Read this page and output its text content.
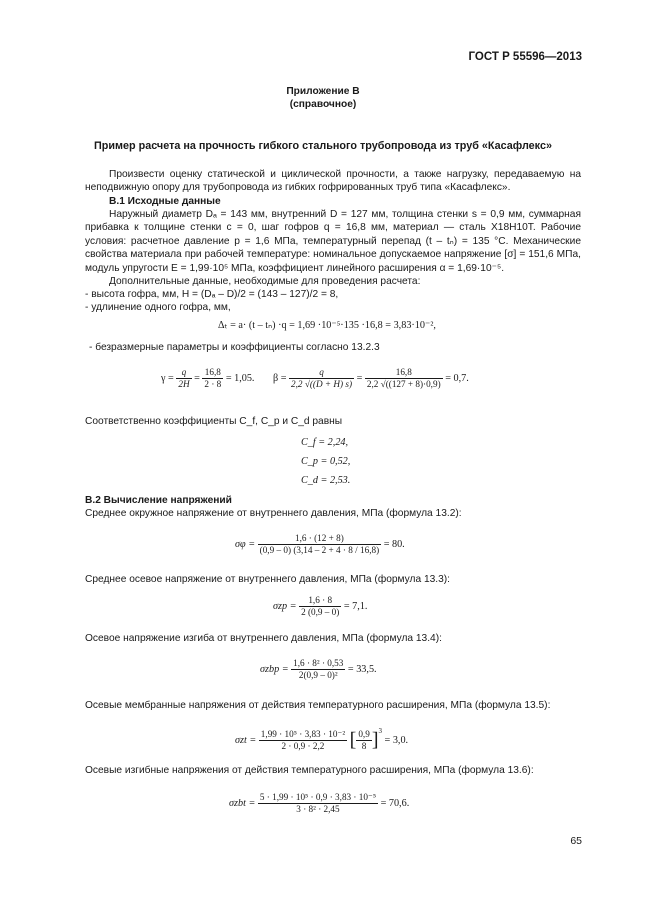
ГОСТ Р 55596—2013
Приложение В
(справочное)
Пример расчета на прочность гибкого стального трубопровода из труб «Касафлекс»
Произвести оценку статической и циклической прочности, а также нагрузку, передаваемую на неподвижную опору для трубопровода из гибких гофрированных труб типа «Касафлекс».
В.1 Исходные данные
Наружный диаметр Dₐ = 143 мм, внутренний D = 127 мм, толщина стенки s = 0,9 мм, суммарная прибавка к толщине стенки c = 0, шаг гофров q = 16,8 мм, материал — сталь Х18Н10Т. Рабочие условия: расчетное давление p = 1,6 МПа, температурный перепад (t – tₙ) = 135 °С. Механические свойства материала при рабочей температуре: номинальное допускаемое напряжение [σ] = 151,6 МПа, модуль упругости E = 1,99·10⁵ МПа, коэффициент линейного расширения α = 1,69·10⁻⁵.
Дополнительные данные, необходимые для проведения расчета:
- высота гофра, мм, H = (Dₐ – D)/2 = (143 – 127)/2 = 8,
- удлинение одного гофра, мм,
Δₜ = a· (t – tₙ) ·q = 1,69 ·10⁻⁵·135 ·16,8 = 3,83·10⁻²,
- безразмерные параметры и коэффициенты согласно 13.2.3
$\gamma = \frac{q}{2H} = \frac{16,8}{2 \cdot 8} = 1,05$. $\beta = \frac{q}{2,2 √((D + H) s)} = \frac{16,8}{2,2 √((127 + 8)\cdot 0,9)} = 0,7$.
Соответственно коэффициенты C_f, C_p и C_d равны
C_f = 2,24,
C_p = 0,52,
C_d = 2,53.
В.2 Вычисление напряжений
Среднее окружное напряжение от внутреннего давления, МПа (формула 13.2):
$\sigma\varphi = \frac{1,6 \cdot (12 + 8)}{(0,9 - 0) (3,14 - 2 + 4 \cdot 8 / 16,8)} = 80$.
Среднее осевое напряжение от внутреннего давления, МПа (формула 13.3):
$\sigma zp = \frac{1,6 \cdot 8}{2 (0,9 - 0)} = 7,1$.
Осевое напряжение изгиба от внутреннего давления, МПа (формула 13.4):
$\sigma zbp = \frac{\text{1,6 · 8² · 0,53}}{\text{2(0,9 – 0)²}} = 33,5$.
Осевые мембранные напряжения от действия температурного расширения, МПа (формула 13.5):
$\sigma zt = \frac{\text{1,99 · 10⁵ · 3,83 · 10⁻²}}{2 \cdot 0,9 \cdot 2,2}$ [ $\frac{0,9}{8} ]^3 = 3,0$.
Осевые изгибные напряжения от действия температурного расширения, МПа (формула 13.6):
$\sigma zbt = \frac{\text{5 · 1,99 · 10⁵ · 0,9 · 3,83 · 10⁻⁵}}{\text{3 · 8² · 2,45}} = 70,6$.
65
